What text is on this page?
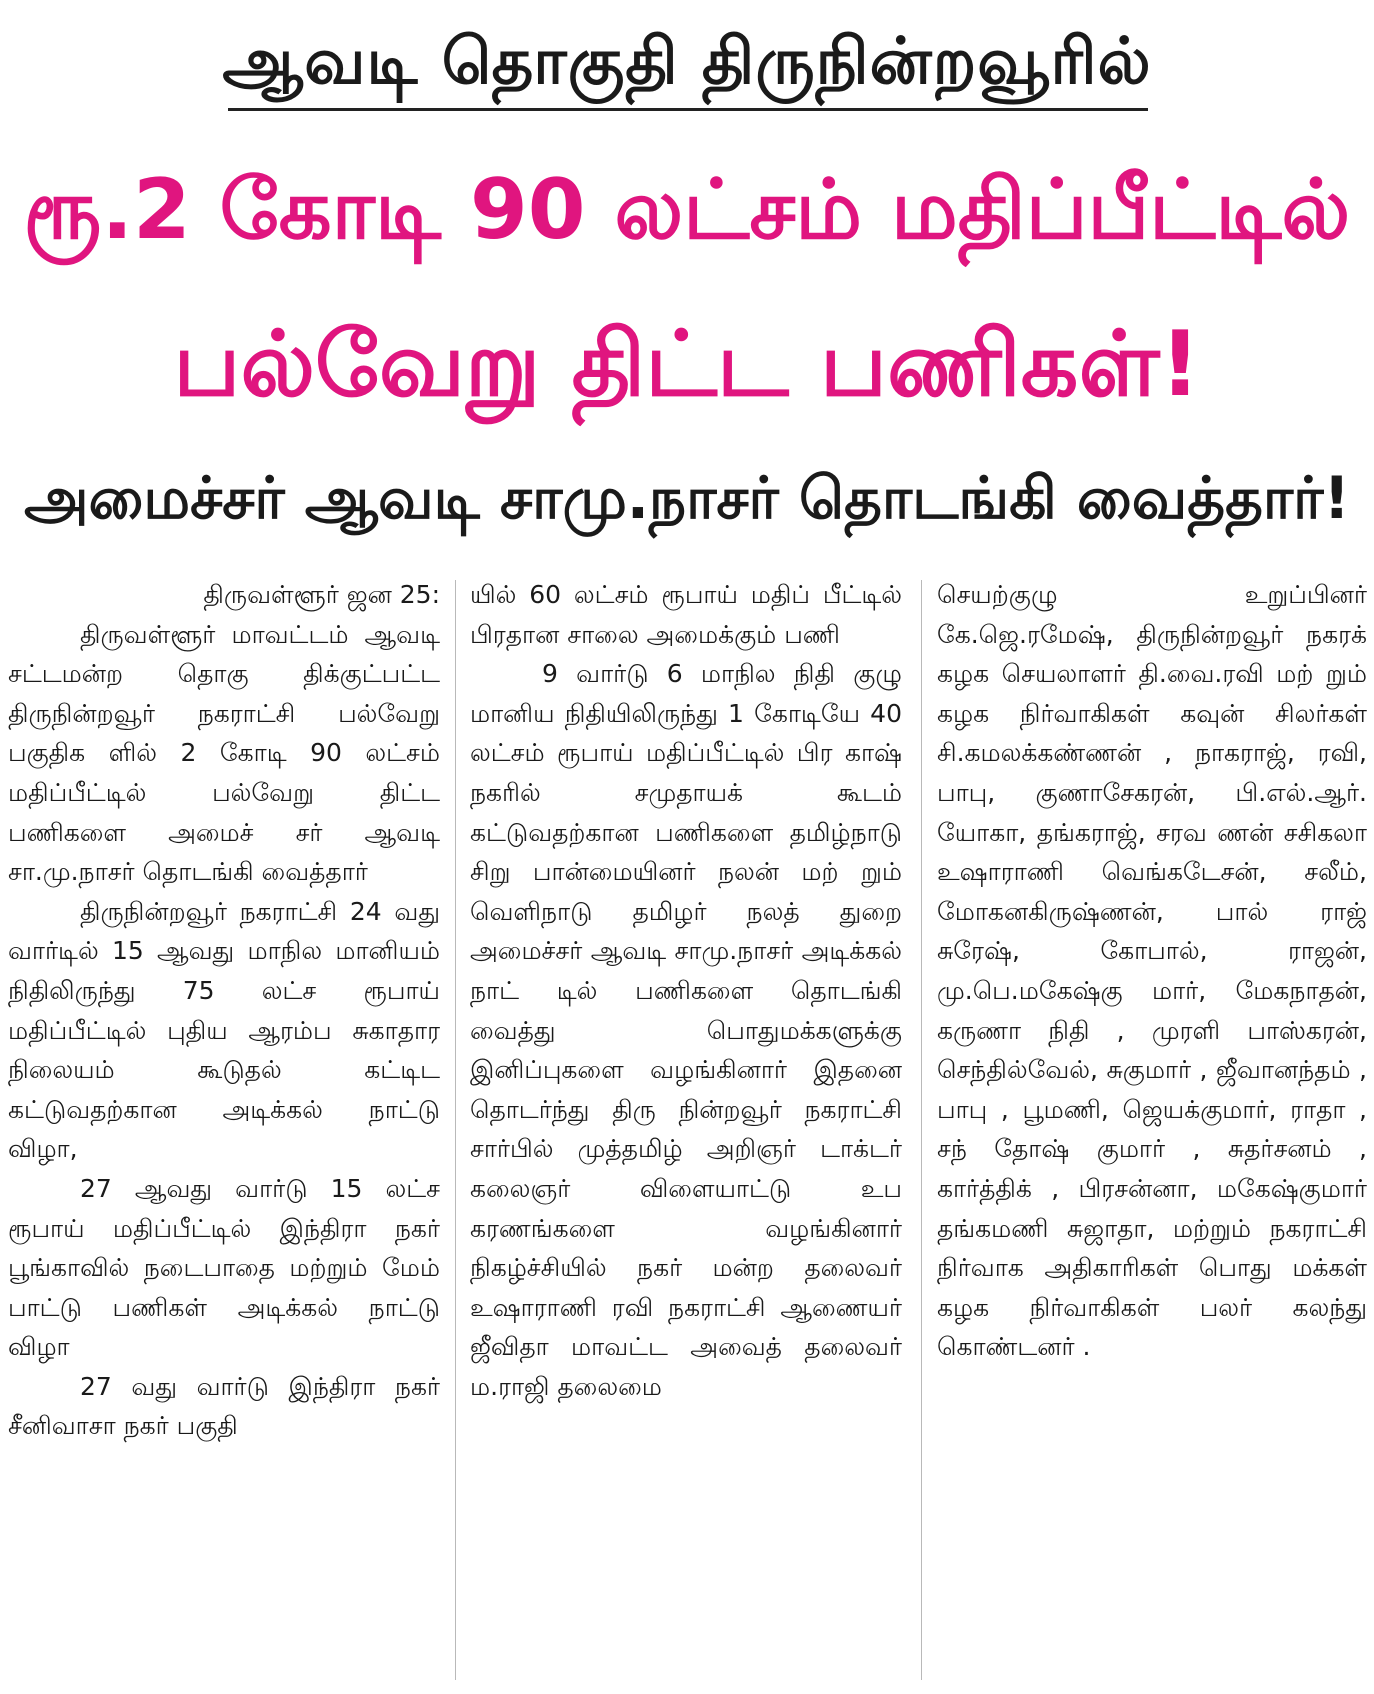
ஆவடி தொகுதி திருநின்றவூரில்
ரூ.2 கோடி 90 லட்சம் மதிப்பீட்டில்
பல்வேறு திட்ட பணிகள்!
அமைச்சர் ஆவடி சாமு.நாசர் தொடங்கி வைத்தார்!

திருவள்ளூர் ஜன 25:

திருவள்ளூர் மாவட்டம் ஆவடி சட்டமன்ற தொகு திக்குட்பட்ட திருநின்றவூர் நகராட்சி பல்வேறு பகுதிக ளில் 2 கோடி 90 லட்சம் மதிப்பீட்டில் பல்வேறு திட்ட பணிகளை அமைச் சர் ஆவடி சா.மு.நாசர் தொடங்கி வைத்தார்

திருநின்றவூர் நகராட்சி 24 வது வார்டில் 15 ஆவது மாநில மானியம் நிதிலிருந்து 75 லட்ச ரூபாய் மதிப்பீட்டில் புதிய ஆரம்ப சுகாதார நிலையம் கூடுதல் கட்டிட கட்டுவதற்கான அடிக்கல் நாட்டு விழா,

27 ஆவது வார்டு 15 லட்ச ரூபாய் மதிப்பீட்டில் இந்திரா நகர் பூங்காவில் நடைபாதை மற்றும் மேம் பாட்டு பணிகள் அடிக்கல் நாட்டு விழா

27 வது வார்டு இந்திரா நகர் சீனிவாசா நகர் பகுதி

யில் 60 லட்சம் ரூபாய் மதிப் பீட்டில் பிரதான சாலை அமைக்கும் பணி

9 வார்டு 6 மாநில நிதி குழு மானிய நிதியிலிருந்து 1 கோடியே 40 லட்சம் ரூபாய் மதிப்பீட்டில் பிர காஷ் நகரில் சமுதாயக் கூடம் கட்டுவதற்கான பணிகளை தமிழ்நாடு சிறு பான்மையினர் நலன் மற் றும் வெளிநாடு தமிழர் நலத் துறை அமைச்சர் ஆவடி சாமு.நாசர் அடிக்கல் நாட் டில் பணிகளை தொடங்கி வைத்து பொதுமக்களுக்கு இனிப்புகளை வழங்கினார் இதனை தொடர்ந்து திரு நின்றவூர் நகராட்சி சார்பில் முத்தமிழ் அறிஞர் டாக்டர் கலைஞர் விளையாட்டு உப கரணங்களை வழங்கினார் நிகழ்ச்சியில் நகர் மன்ற தலைவர் உஷாராணி ரவி நகராட்சி ஆணையர் ஜீவிதா மாவட்ட அவைத் தலைவர் ம.ராஜி தலைமை

செயற்குழு உறுப்பினர் கே.ஜெ.ரமேஷ், திருநின்றவூர் நகரக் கழக செயலாளர் தி.வை.ரவி மற் றும் கழக நிர்வாகிகள் கவுன் சிலர்கள் சி.கமலக்கண்ணன் , நாகராஜ், ரவி, பாபு, குணாசேகரன், பி.எல்.ஆர். யோகா, தங்கராஜ், சரவ ணன் சசிகலா உஷாராணி வெங்கடேசன், சலீம், மோகனகிருஷ்ணன், பால் ராஜ் சுரேஷ், கோபால், ராஜன், மு.பெ.மகேஷ்கு மார், மேகநாதன், கருணா நிதி , முரளி பாஸ்கரன், செந்தில்வேல், சுகுமார் , ஜீவானந்தம் , பாபு , பூமணி, ஜெயக்குமார், ராதா , சந் தோஷ் குமார் , சுதர்சனம் , கார்த்திக் , பிரசன்னா, மகேஷ்குமார் தங்கமணி சுஜாதா, மற்றும் நகராட்சி நிர்வாக அதிகாரிகள் பொது மக்கள் கழக நிர்வாகிகள் பலர் கலந்து கொண்டனர் .
